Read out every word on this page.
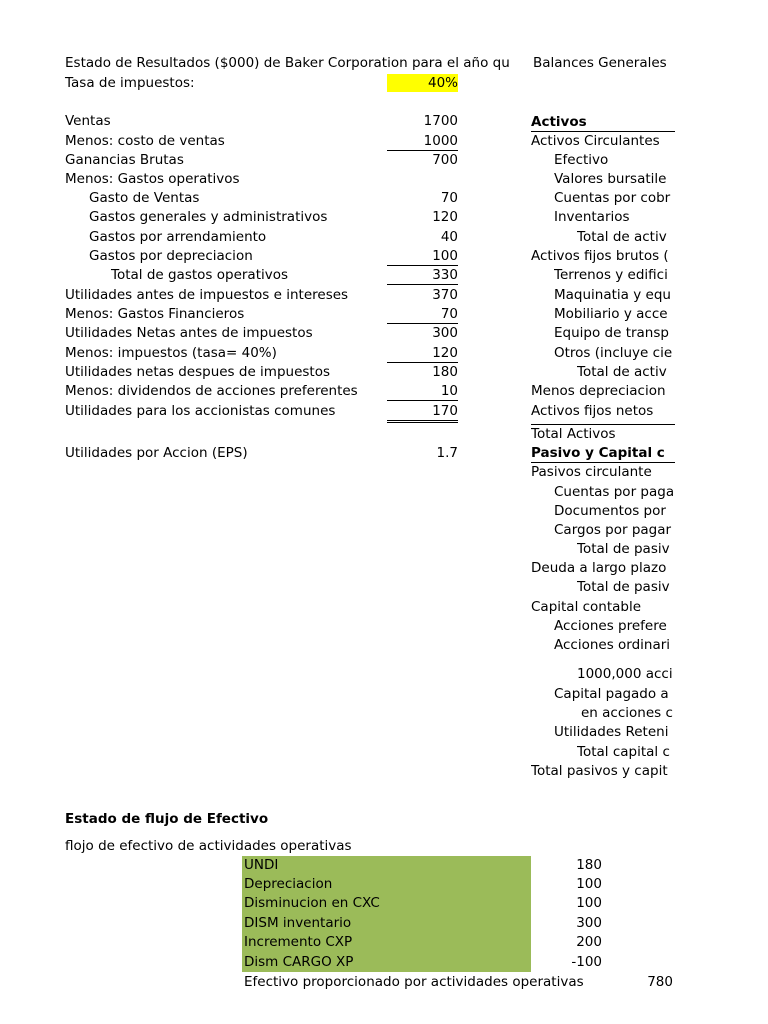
Estado de Resultados ($000) de Baker Corporation para el año qu
Tasa de impuestos:	40%
Ventas	1700
Menos: costo de ventas	1000
Ganancias Brutas	700
Menos: Gastos operativos
Gasto de Ventas	70
Gastos generales y administrativos	120
Gastos por arrendamiento	40
Gastos por depreciacion	100
Total de gastos operativos	330
Utilidades antes de impuestos e intereses	370
Menos: Gastos Financieros	70
Utilidades Netas antes de impuestos	300
Menos: impuestos (tasa= 40%)	120
Utilidades netas despues de impuestos	180
Menos: dividendos de acciones preferentes	10
Utilidades para los accionistas comunes	170
Utilidades por Accion (EPS)	1.7
Balances Generales
Activos
Activos Circulantes
Efectivo
Valores bursatile
Cuentas por cobr
Inventarios
Total de activ
Activos fijos brutos (
Terrenos y edifici
Maquinatia y equ
Mobiliario y acce
Equipo de transp
Otros (incluye cie
Total de activ
Menos depreciacion
Activos fijos netos
Total Activos
Pasivo y Capital c
Pasivos circulante
Cuentas por paga
Documentos por
Cargos por pagar
Total de pasiv
Deuda a largo plazo
Total de pasiv
Capital contable
Acciones prefere
Acciones ordinari
1000,000 acci
Capital pagado a
en acciones c
Utilidades Reteni
Total capital c
Total pasivos y capit
Estado de flujo de Efectivo
flojo de efectivo de actividades operativas
UNDI	180
Depreciacion	100
Disminucion en CXC	100
DISM inventario	300
Incremento CXP	200
Dism CARGO XP	-100
Efectivo proporcionado por actividades operativas	780
